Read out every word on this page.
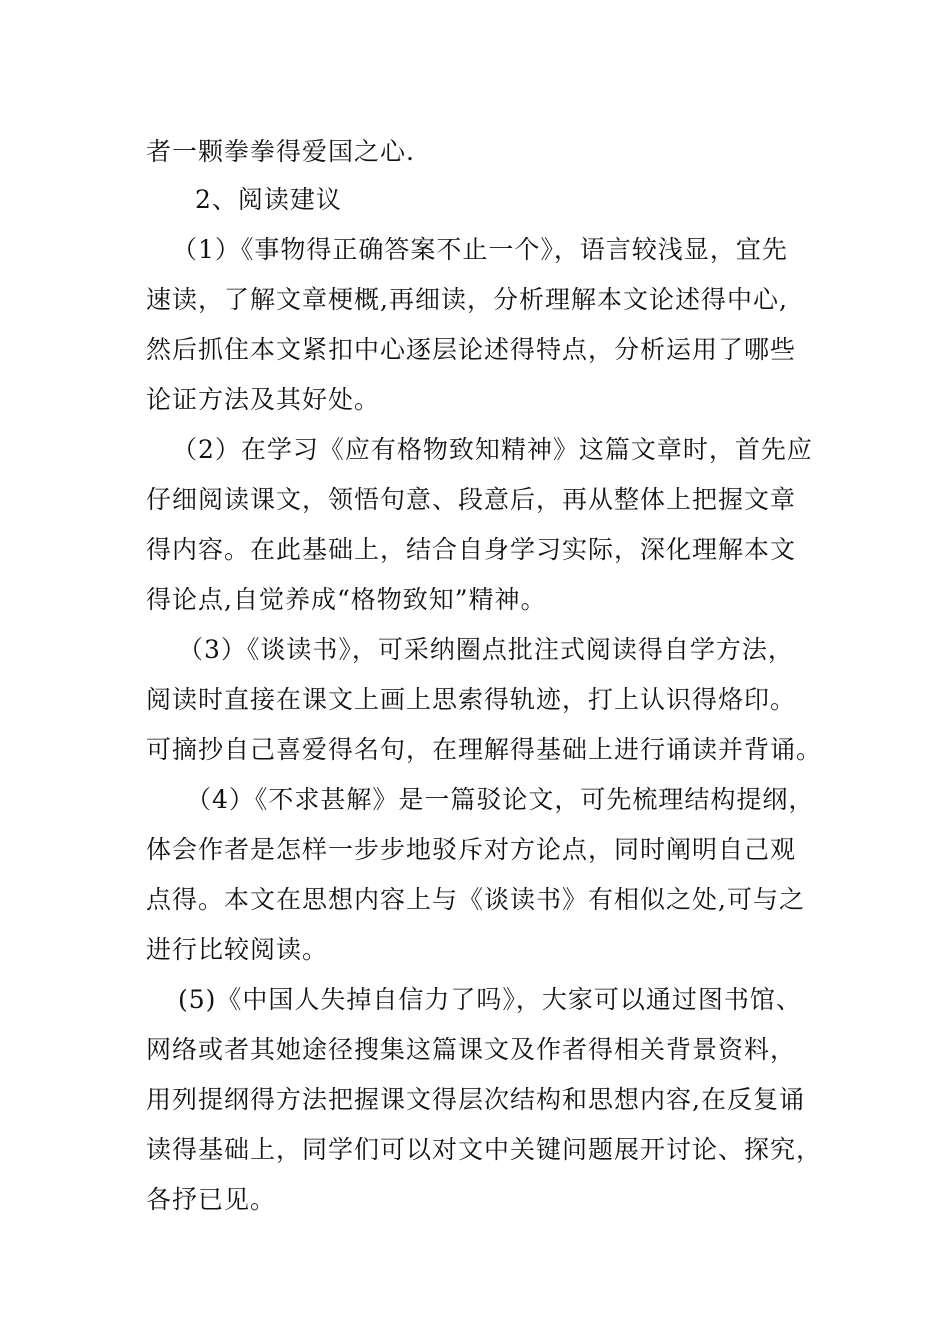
者一颗拳拳得爱国之心.
2、阅读建议
（1）《事物得正确答案不止一个》，语言较浅显，宜先
速读，了解文章梗概,再细读，分析理解本文论述得中心,
然后抓住本文紧扣中心逐层论述得特点，分析运用了哪些
论证方法及其好处。
（2）在学习《应有格物致知精神》这篇文章时，首先应
仔细阅读课文，领悟句意、段意后，再从整体上把握文章
得内容。在此基础上，结合自身学习实际，深化理解本文
得论点,自觉养成“格物致知”精神。
（3）《谈读书》，可采纳圈点批注式阅读得自学方法，
阅读时直接在课文上画上思索得轨迹，打上认识得烙印。
可摘抄自己喜爱得名句，在理解得基础上进行诵读并背诵。
（4）《不求甚解》是一篇驳论文，可先梳理结构提纲，
体会作者是怎样一步步地驳斥对方论点，同时阐明自己观
点得。本文在思想内容上与《谈读书》有相似之处,可与之
进行比较阅读。
(5)《中国人失掉自信力了吗》，大家可以通过图书馆、
网络或者其她途径搜集这篇课文及作者得相关背景资料，
用列提纲得方法把握课文得层次结构和思想内容,在反复诵
读得基础上，同学们可以对文中关键问题展开讨论、探究，
各抒已见。
